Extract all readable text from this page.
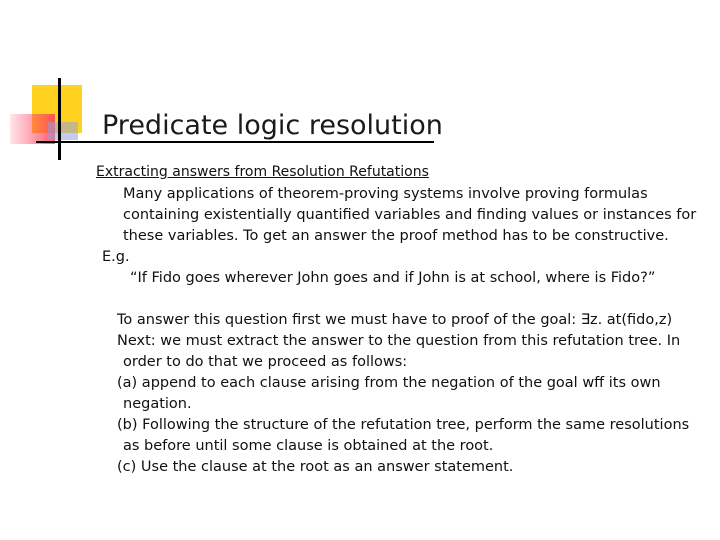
Predicate logic resolution
Extracting answers from Resolution Refutations
Many applications of theorem-proving systems involve proving formulas
containing existentially quantified variables and finding values or instances for
these variables. To get an answer the proof method has to be constructive.
E.g.
“If Fido goes wherever John goes and if John is at school, where is Fido?”
To answer this question first we must have to proof of the goal: ∃z. at(fido,z)
Next: we must extract the answer to the question from this refutation tree. In
order to do that we proceed as follows:
(a) append to each clause arising from the negation of the goal wff its own
negation.
(b) Following the structure of the refutation tree, perform the same resolutions
as before until some clause is obtained at the root.
(c) Use the clause at the root as an answer statement.
